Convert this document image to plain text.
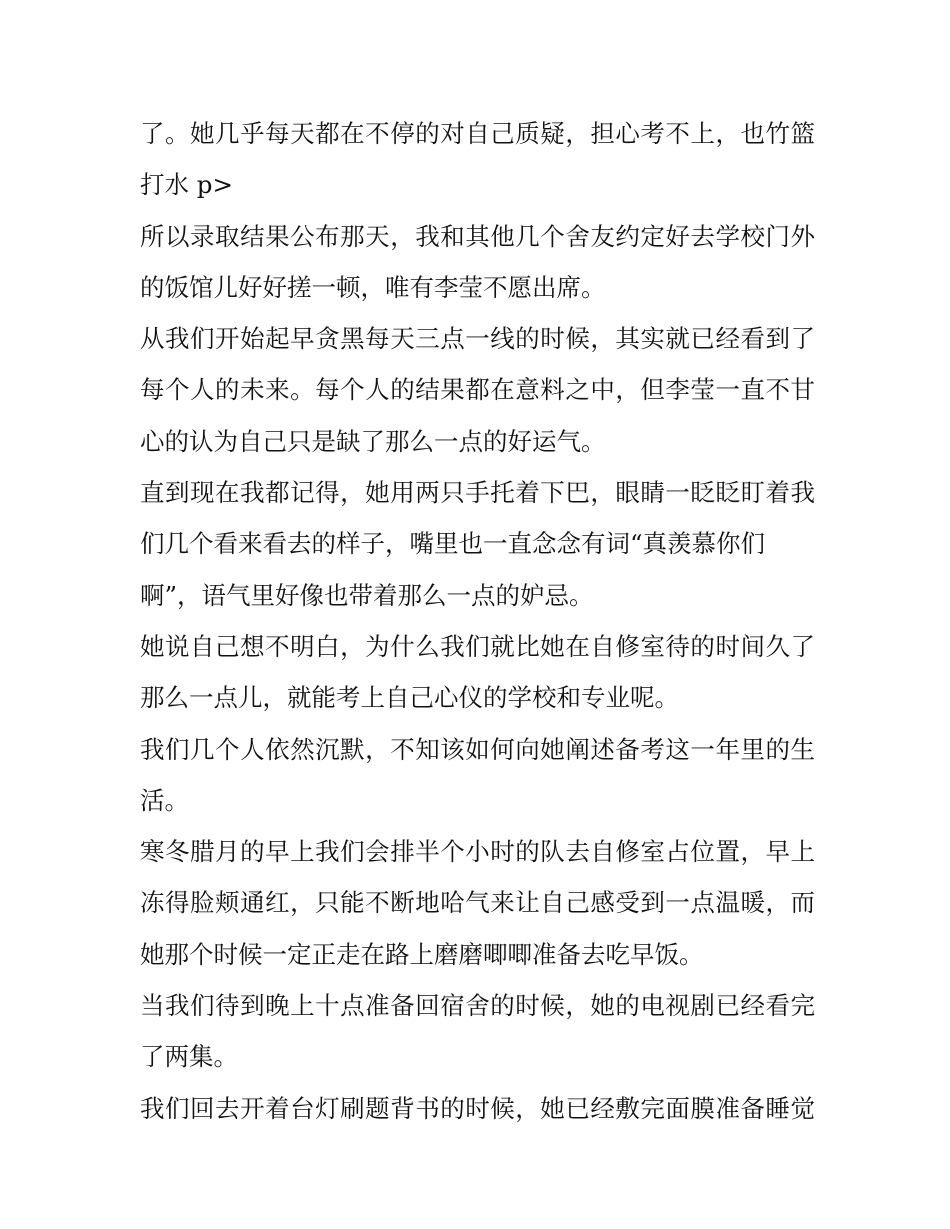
了。她几乎每天都在不停的对自己质疑，担心考不上，也竹篮
打水 p>
所以录取结果公布那天，我和其他几个舍友约定好去学校门外
的饭馆儿好好搓一顿，唯有李莹不愿出席。
从我们开始起早贪黑每天三点一线的时候，其实就已经看到了
每个人的未来。每个人的结果都在意料之中，但李莹一直不甘
心的认为自己只是缺了那么一点的好运气。
直到现在我都记得，她用两只手托着下巴，眼睛一眨眨盯着我
们几个看来看去的样子，嘴里也一直念念有词“真羡慕你们
啊”，语气里好像也带着那么一点的妒忌。
她说自己想不明白，为什么我们就比她在自修室待的时间久了
那么一点儿，就能考上自己心仪的学校和专业呢。
我们几个人依然沉默，不知该如何向她阐述备考这一年里的生
活。
寒冬腊月的早上我们会排半个小时的队去自修室占位置，早上
冻得脸颊通红，只能不断地哈气来让自己感受到一点温暖，而
她那个时候一定正走在路上磨磨唧唧准备去吃早饭。
当我们待到晚上十点准备回宿舍的时候，她的电视剧已经看完
了两集。
我们回去开着台灯刷题背书的时候，她已经敷完面膜准备睡觉
